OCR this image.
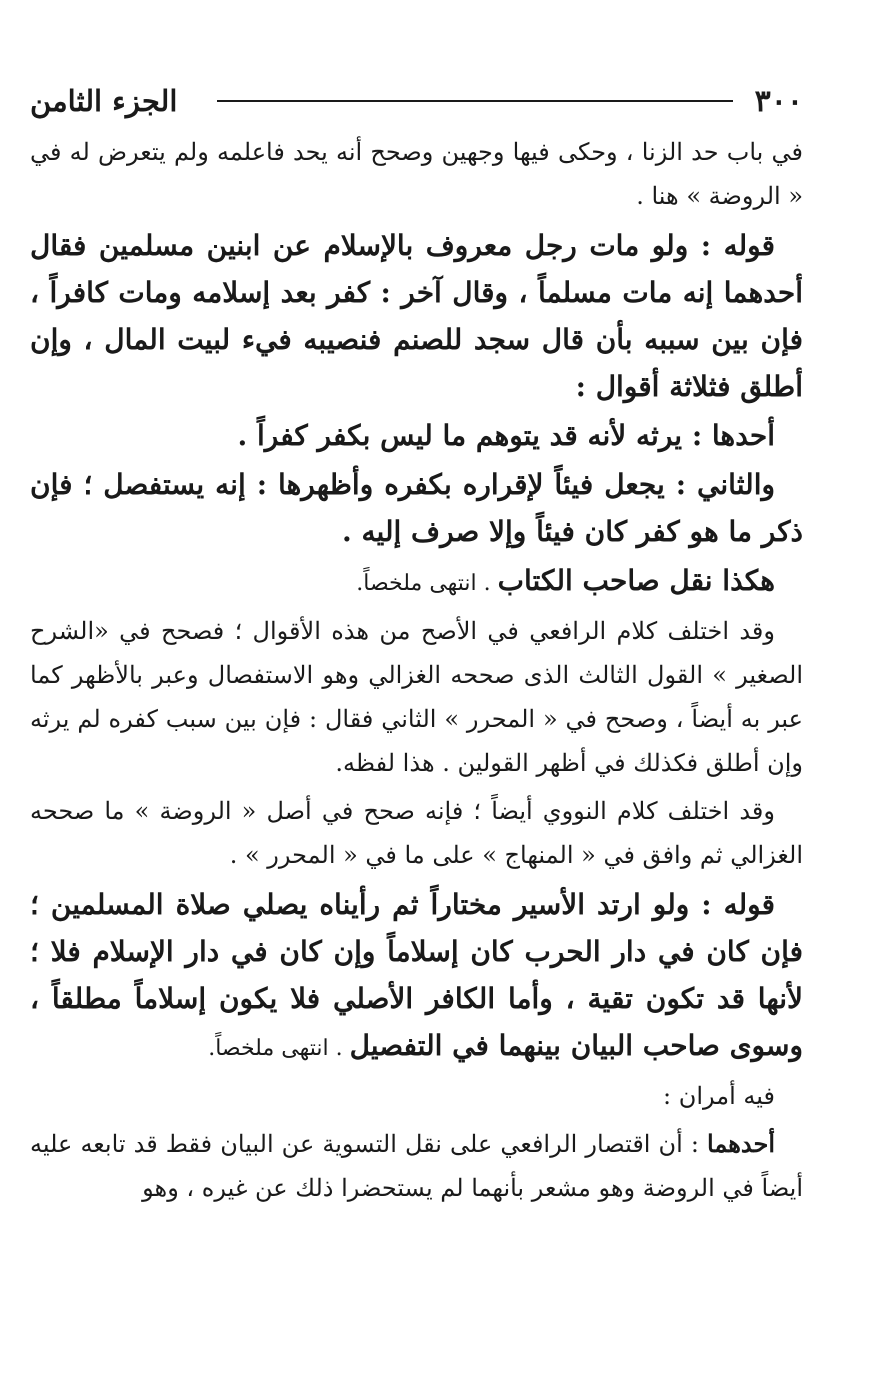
٣٠٠
الجزء الثامن

في باب حد الزنا ، وحكى فيها وجهين وصحح أنه يحد فاعلمه ولم يتعرض له في « الروضة » هنا .

قوله : ولو مات رجل معروف بالإسلام عن ابنين مسلمين فقال أحدهما إنه مات مسلماً ، وقال آخر : كفر بعد إسلامه ومات كافراً ، فإن بين سببه بأن قال سجد للصنم فنصيبه فيء لبيت المال ، وإن أطلق فثلاثة أقوال :

أحدها : يرثه لأنه قد يتوهم ما ليس بكفر كفراً .

والثاني : يجعل فيئاً لإقراره بكفره وأظهرها : إنه يستفصل ؛ فإن ذكر ما هو كفر كان فيئاً وإلا صرف إليه .

هكذا نقل صاحب الكتاب . انتهى ملخصاً.

وقد اختلف كلام الرافعي في الأصح من هذه الأقوال ؛ فصحح في «الشرح الصغير » القول الثالث الذى صححه الغزالي وهو الاستفصال وعبر بالأظهر كما عبر به أيضاً ، وصحح في « المحرر » الثاني فقال : فإن بين سبب كفره لم يرثه وإن أطلق فكذلك في أظهر القولين . هذا لفظه.

وقد اختلف كلام النووي أيضاً ؛ فإنه صحح في أصل « الروضة » ما صححه الغزالي ثم وافق في « المنهاج » على ما في « المحرر » .

قوله : ولو ارتد الأسير مختاراً ثم رأيناه يصلي صلاة المسلمين ؛ فإن كان في دار الحرب كان إسلاماً وإن كان في دار الإسلام فلا ؛ لأنها قد تكون تقية ، وأما الكافر الأصلي فلا يكون إسلاماً مطلقاً ، وسوى صاحب البيان بينهما في التفصيل . انتهى ملخصاً.

فيه أمران :

أحدهما : أن اقتصار الرافعي على نقل التسوية عن البيان فقط قد تابعه عليه أيضاً في الروضة وهو مشعر بأنهما لم يستحضرا ذلك عن غيره ، وهو
